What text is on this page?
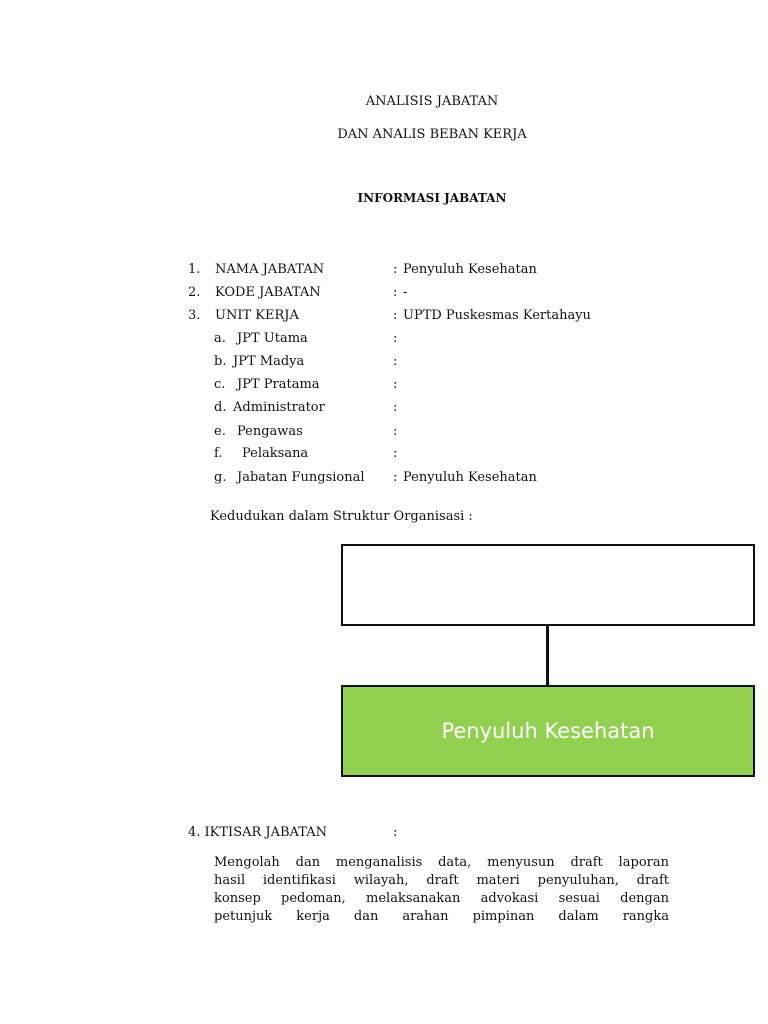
ANALISIS JABATAN
DAN ANALIS BEBAN KERJA
INFORMASI JABATAN
1. NAMA JABATAN	: Penyuluh Kesehatan
2. KODE JABATAN	: -
3. UNIT KERJA	: UPTD Puskesmas Kertahayu
a. JPT Utama	:
b. JPT Madya	:
c. JPT Pratama	:
d. Administrator	:
e. Pengawas	:
f. Pelaksana	:
g. Jabatan Fungsional : Penyuluh Kesehatan
Kedudukan dalam Struktur Organisasi :
Penyuluh Kesehatan
4. IKTISAR JABATAN	:
Mengolah dan menganalisis data, menyusun draft laporan
hasil identifikasi wilayah, draft materi penyuluhan, draft
konsep pedoman, melaksanakan advokasi sesuai dengan
petunjuk kerja dan arahan pimpinan dalam rangka
